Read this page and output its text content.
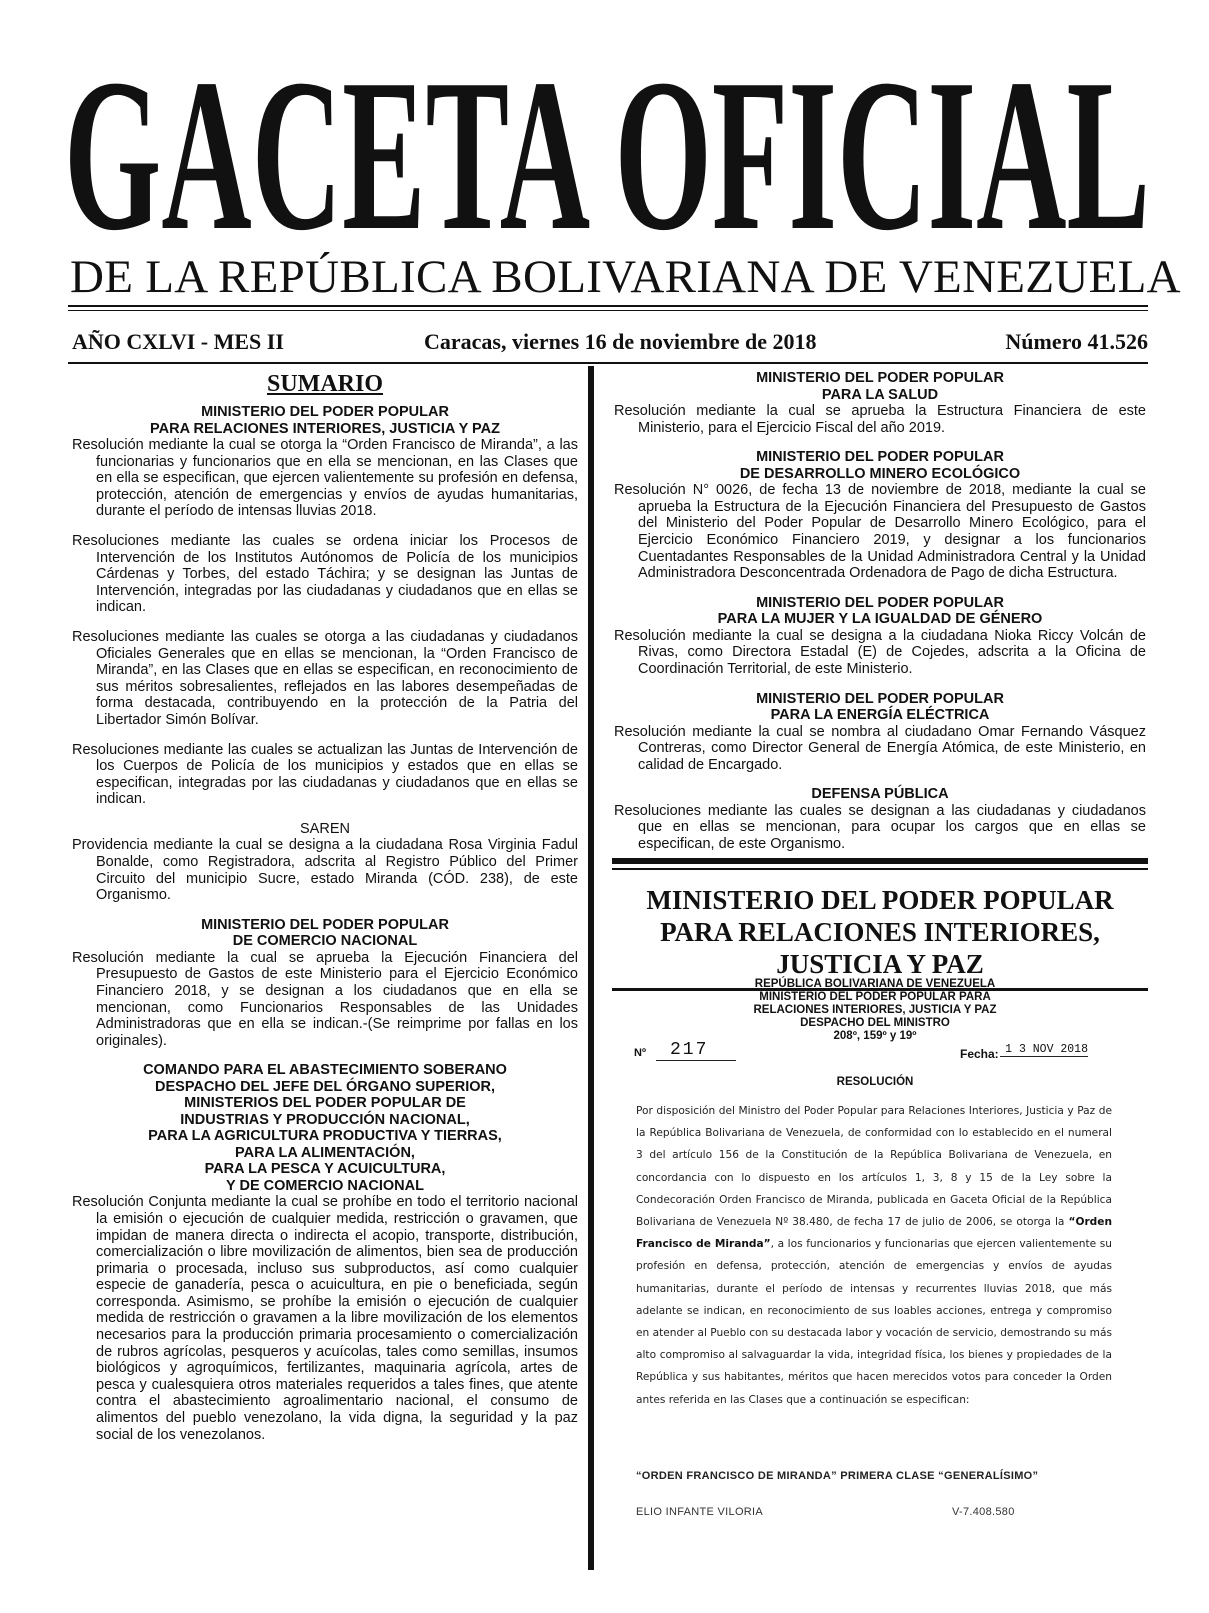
GACETA OFICIAL
DE LA REPÚBLICA BOLIVARIANA DE VENEZUELA
AÑO CXLVI - MES II	Caracas, viernes 16 de noviembre de 2018	Número 41.526
SUMARIO
MINISTERIO DEL PODER POPULAR
PARA RELACIONES INTERIORES, JUSTICIA Y PAZ

Resolución mediante la cual se otorga la “Orden Francisco de Miranda”, a las funcionarias y funcionarios que en ella se mencionan, en las Clases que en ella se especifican, que ejercen valientemente su profesión en defensa, protección, atención de emergencias y envíos de ayudas humanitarias, durante el período de intensas lluvias 2018.

Resoluciones mediante las cuales se ordena iniciar los Procesos de Intervención de los Institutos Autónomos de Policía de los municipios Cárdenas y Torbes, del estado Táchira; y se designan las Juntas de Intervención, integradas por las ciudadanas y ciudadanos que en ellas se indican.

Resoluciones mediante las cuales se otorga a las ciudadanas y ciudadanos Oficiales Generales que en ellas se mencionan, la “Orden Francisco de Miranda”, en las Clases que en ellas se especifican, en reconocimiento de sus méritos sobresalientes, reflejados en las labores desempeñadas de forma destacada, contribuyendo en la protección de la Patria del Libertador Simón Bolívar.

Resoluciones mediante las cuales se actualizan las Juntas de Intervención de los Cuerpos de Policía de los municipios y estados que en ellas se especifican, integradas por las ciudadanas y ciudadanos que en ellas se indican.

SAREN

Providencia mediante la cual se designa a la ciudadana Rosa Virginia Fadul Bonalde, como Registradora, adscrita al Registro Público del Primer Circuito del municipio Sucre, estado Miranda (CÓD. 238), de este Organismo.

MINISTERIO DEL PODER POPULAR
DE COMERCIO NACIONAL

Resolución mediante la cual se aprueba la Ejecución Financiera del Presupuesto de Gastos de este Ministerio para el Ejercicio Económico Financiero 2018, y se designan a los ciudadanos que en ella se mencionan, como Funcionarios Responsables de las Unidades Administradoras que en ella se indican.-(Se reimprime por fallas en los originales).

COMANDO PARA EL ABASTECIMIENTO SOBERANO
DESPACHO DEL JEFE DEL ÓRGANO SUPERIOR,
MINISTERIOS DEL PODER POPULAR DE
INDUSTRIAS Y PRODUCCIÓN NACIONAL,
PARA LA AGRICULTURA PRODUCTIVA Y TIERRAS,
PARA LA ALIMENTACIÓN,
PARA LA PESCA Y ACUICULTURA,
Y DE COMERCIO NACIONAL

Resolución Conjunta mediante la cual se prohíbe en todo el territorio nacional la emisión o ejecución de cualquier medida, restricción o gravamen, que impidan de manera directa o indirecta el acopio, transporte, distribución, comercialización o libre movilización de alimentos, bien sea de producción primaria o procesada, incluso sus subproductos, así como cualquier especie de ganadería, pesca o acuicultura, en pie o beneficiada, según corresponda. Asimismo, se prohíbe la emisión o ejecución de cualquier medida de restricción o gravamen a la libre movilización de los elementos necesarios para la producción primaria procesamiento o comercialización de rubros agrícolas, pesqueros y acuícolas, tales como semillas, insumos biológicos y agroquímicos, fertilizantes, maquinaria agrícola, artes de pesca y cualesquiera otros materiales requeridos a tales fines, que atente contra el abastecimiento agroalimentario nacional, el consumo de alimentos del pueblo venezolano, la vida digna, la seguridad y la paz social de los venezolanos.

MINISTERIO DEL PODER POPULAR
PARA LA SALUD

Resolución mediante la cual se aprueba la Estructura Financiera de este Ministerio, para el Ejercicio Fiscal del año 2019.

MINISTERIO DEL PODER POPULAR
DE DESARROLLO MINERO ECOLÓGICO

Resolución N° 0026, de fecha 13 de noviembre de 2018, mediante la cual se aprueba la Estructura de la Ejecución Financiera del Presupuesto de Gastos del Ministerio del Poder Popular de Desarrollo Minero Ecológico, para el Ejercicio Económico Financiero 2019, y designar a los funcionarios Cuentadantes Responsables de la Unidad Administradora Central y la Unidad Administradora Desconcentrada Ordenadora de Pago de dicha Estructura.

MINISTERIO DEL PODER POPULAR
PARA LA MUJER Y LA IGUALDAD DE GÉNERO

Resolución mediante la cual se designa a la ciudadana Nioka Riccy Volcán de Rivas, como Directora Estadal (E) de Cojedes, adscrita a la Oficina de Coordinación Territorial, de este Ministerio.

MINISTERIO DEL PODER POPULAR
PARA LA ENERGÍA ELÉCTRICA

Resolución mediante la cual se nombra al ciudadano Omar Fernando Vásquez Contreras, como Director General de Energía Atómica, de este Ministerio, en calidad de Encargado.

DEFENSA PÚBLICA

Resoluciones mediante las cuales se designan a las ciudadanas y ciudadanos que en ellas se mencionan, para ocupar los cargos que en ellas se especifican, de este Organismo.

MINISTERIO DEL PODER POPULAR
PARA RELACIONES INTERIORES,
JUSTICIA Y PAZ
REPÚBLICA BOLIVARIANA DE VENEZUELA
MINISTERIO DEL PODER POPULAR PARA
RELACIONES INTERIORES, JUSTICIA Y PAZ
DESPACHO DEL MINISTRO
208º, 159º y 19º
Nº	217	Fecha: 1 3 NOV 2018
RESOLUCIÓN

Por disposición del Ministro del Poder Popular para Relaciones Interiores, Justicia y Paz de la República Bolivariana de Venezuela, de conformidad con lo establecido en el numeral 3 del artículo 156 de la Constitución de la República Bolivariana de Venezuela, en concordancia con lo dispuesto en los artículos 1, 3, 8 y 15 de la Ley sobre la Condecoración Orden Francisco de Miranda, publicada en Gaceta Oficial de la República Bolivariana de Venezuela Nº 38.480, de fecha 17 de julio de 2006, se otorga la “Orden Francisco de Miranda”, a los funcionarios y funcionarias que ejercen valientemente su profesión en defensa, protección, atención de emergencias y envíos de ayudas humanitarias, durante el período de intensas y recurrentes lluvias 2018, que más adelante se indican, en reconocimiento de sus loables acciones, entrega y compromiso en atender al Pueblo con su destacada labor y vocación de servicio, demostrando su más alto compromiso al salvaguardar la vida, integridad física, los bienes y propiedades de la República y sus habitantes, méritos que hacen merecidos votos para conceder la Orden antes referida en las Clases que a continuación se especifican:

“ORDEN FRANCISCO DE MIRANDA” PRIMERA CLASE “GENERALÍSIMO”
ELIO INFANTE VILORIA	V-7.408.580
